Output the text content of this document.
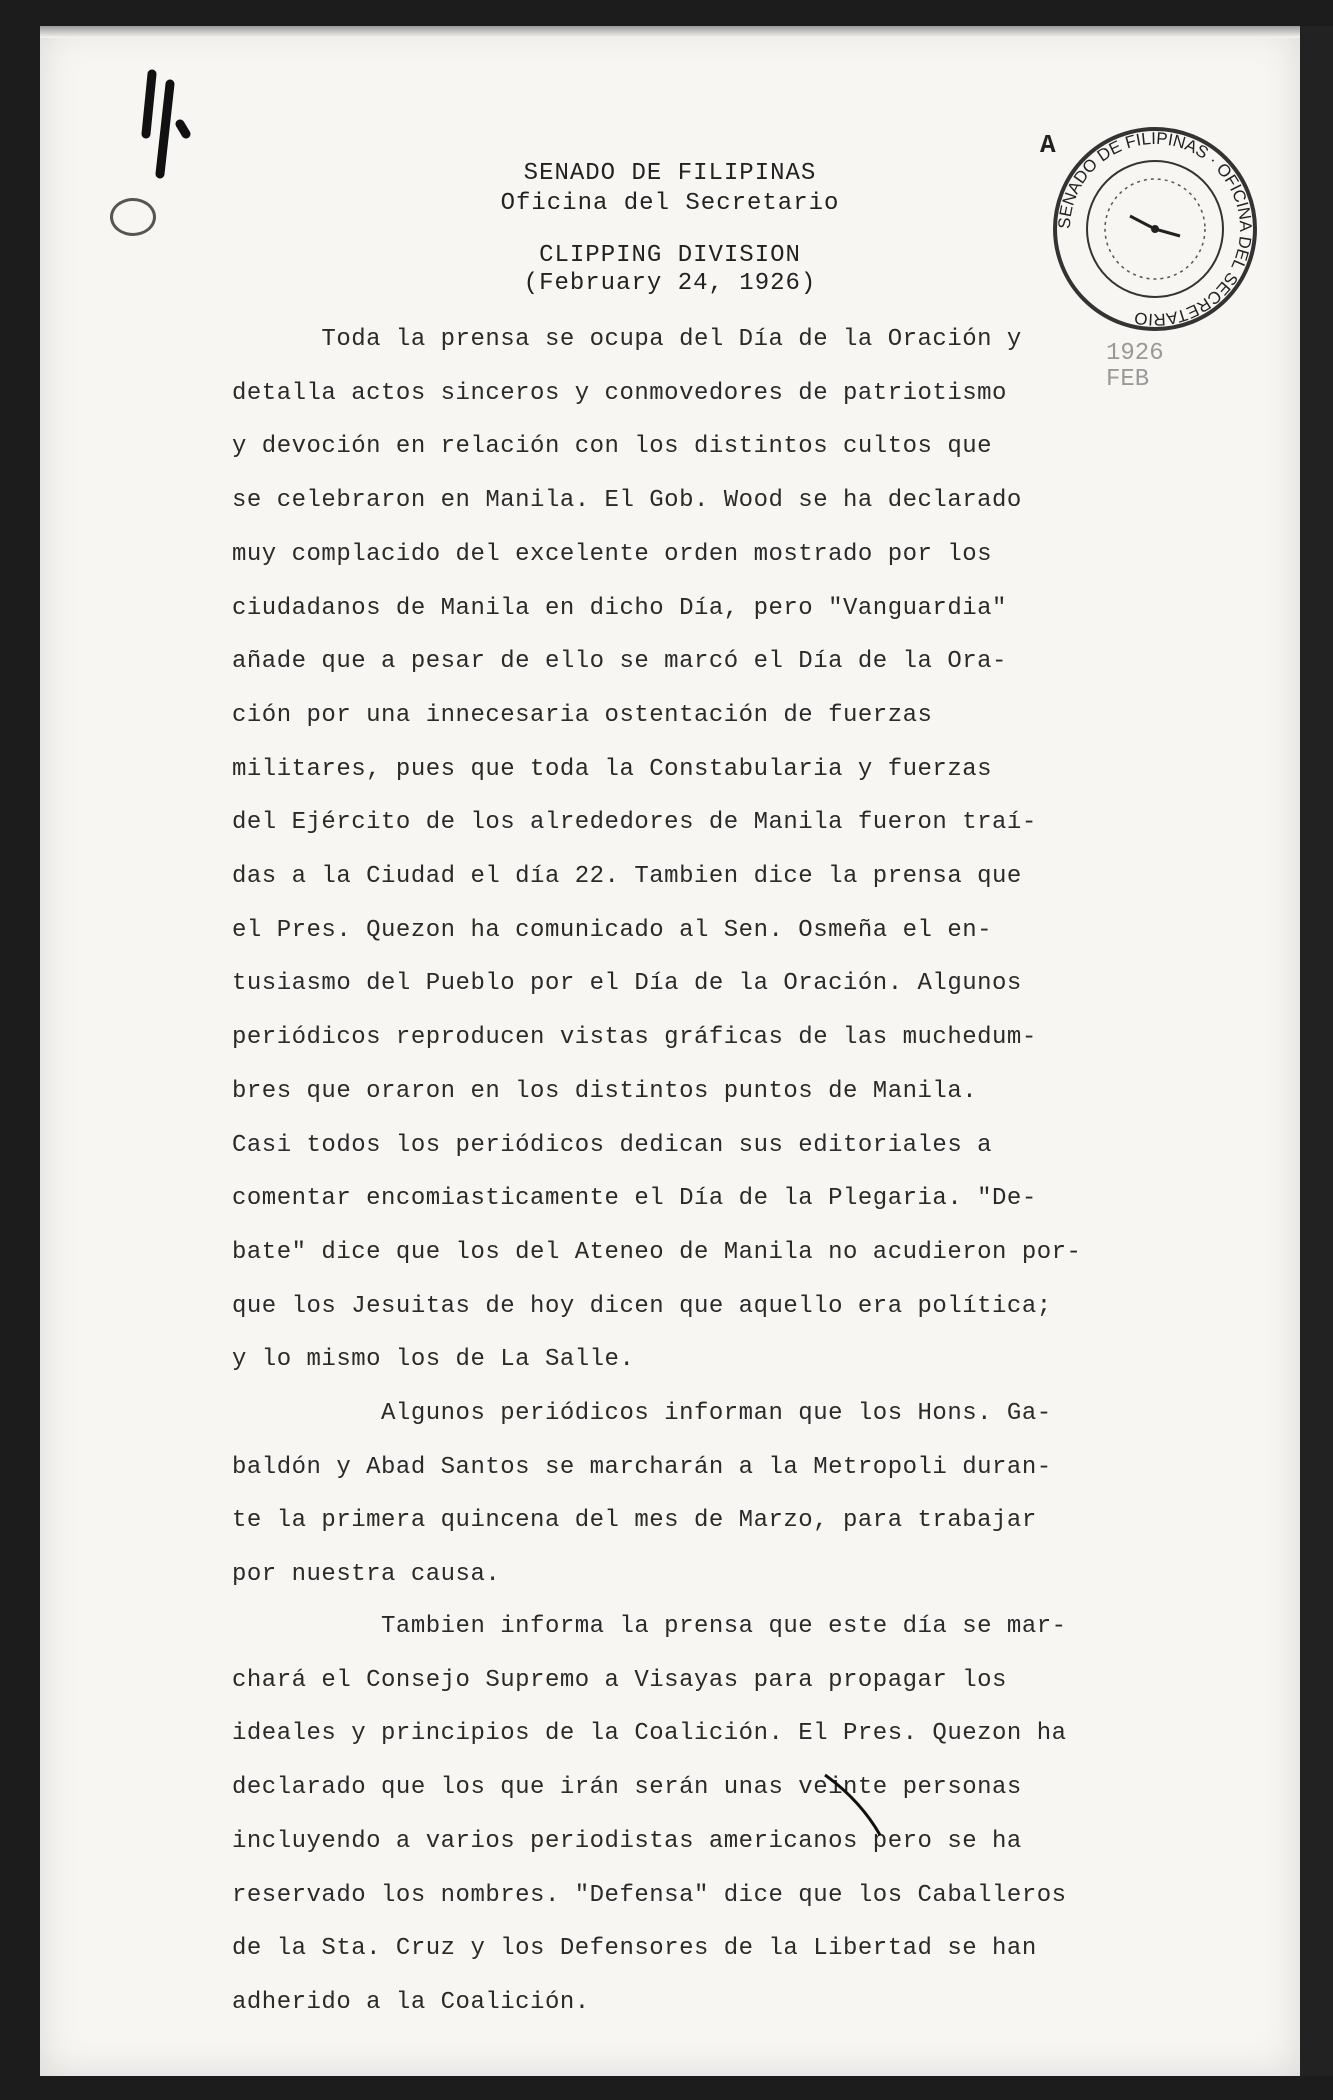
SENADO DE FILIPINAS
Oficina del Secretario
CLIPPING DIVISION
(February 24, 1926)
A
SENADO DE FILIPINAS · OFICINA DEL SECRETARIO
1926
FEB
Toda la prensa se ocupa del Día de la Oración y
detalla actos sinceros y conmovedores de patriotismo
y devoción en relación con los distintos cultos que
se celebraron en Manila. El Gob. Wood se ha declarado
muy complacido del excelente orden mostrado por los
ciudadanos de Manila en dicho Día, pero "Vanguardia"
añade que a pesar de ello se marcó el Día de la Ora-
ción por una innecesaria ostentación de fuerzas
militares, pues que toda la Constabularia y fuerzas
del Ejército de los alrededores de Manila fueron traí-
das a la Ciudad el día 22. Tambien dice la prensa que
el Pres. Quezon ha comunicado al Sen. Osmeña el en-
tusiasmo del Pueblo por el Día de la Oración. Algunos
periódicos reproducen vistas gráficas de las muchedum-
bres que oraron en los distintos puntos de Manila.
Casi todos los periódicos dedican sus editoriales a
comentar encomiasticamente el Día de la Plegaria. "De-
bate" dice que los del Ateneo de Manila no acudieron por-
que los Jesuitas de hoy dicen que aquello era política;
y lo mismo los de La Salle.
Algunos periódicos informan que los Hons. Ga-
baldón y Abad Santos se marcharán a la Metropoli duran-
te la primera quincena del mes de Marzo, para trabajar
por nuestra causa.
Tambien informa la prensa que este día se mar-
chará el Consejo Supremo a Visayas para propagar los
ideales y principios de la Coalición. El Pres. Quezon ha
declarado que los que irán serán unas veinte personas
incluyendo a varios periodistas americanos pero se ha
reservado los nombres. "Defensa" dice que los Caballeros
de la Sta. Cruz y los Defensores de la Libertad se han
adherido a la Coalición.
